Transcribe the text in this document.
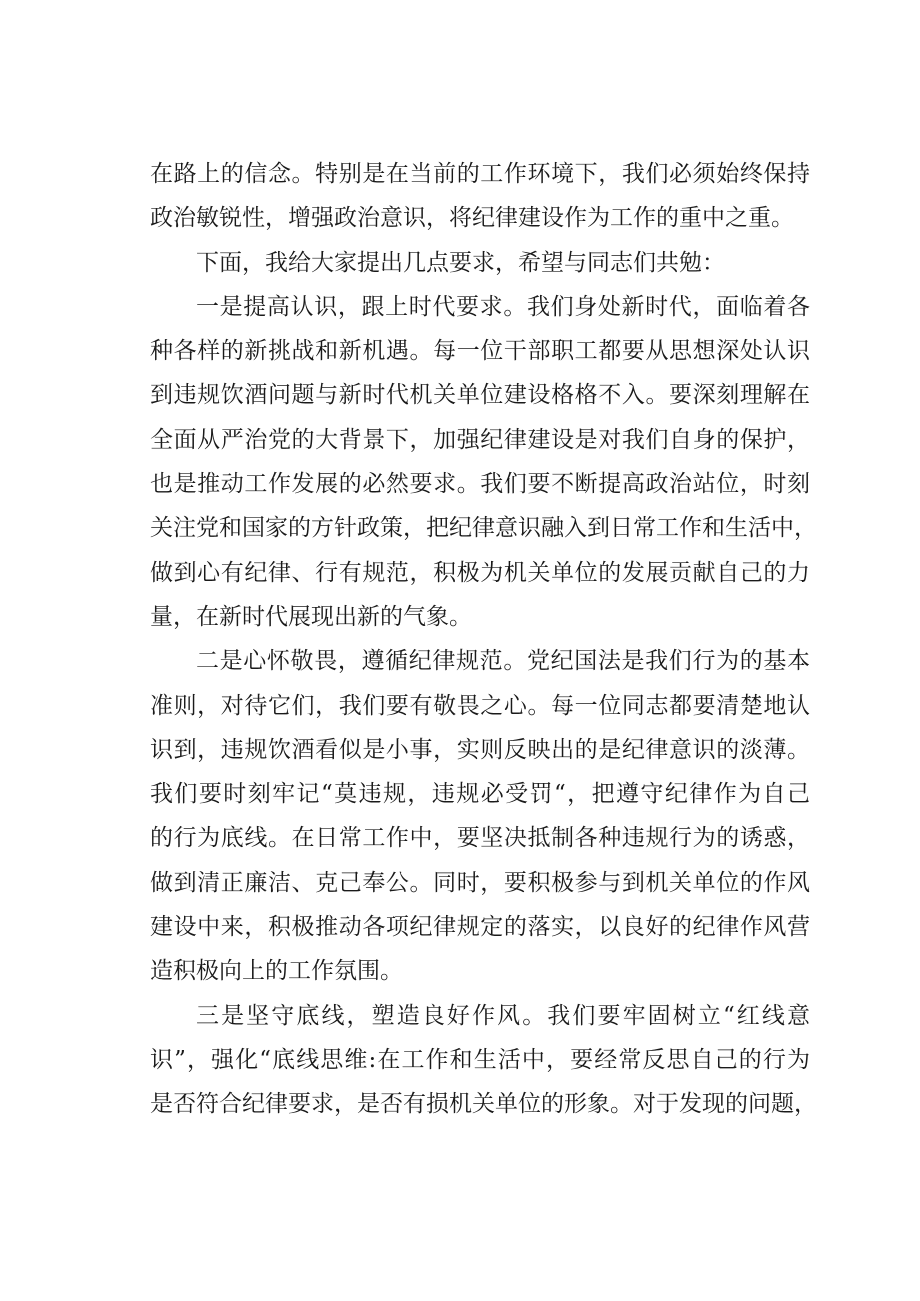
在路上的信念。特别是在当前的工作环境下，我们必须始终保持
政治敏锐性，增强政治意识，将纪律建设作为工作的重中之重。
下面，我给大家提出几点要求，希望与同志们共勉：
一是提高认识，跟上时代要求。我们身处新时代，面临着各
种各样的新挑战和新机遇。每一位干部职工都要从思想深处认识
到违规饮酒问题与新时代机关单位建设格格不入。要深刻理解在
全面从严治党的大背景下，加强纪律建设是对我们自身的保护，
也是推动工作发展的必然要求。我们要不断提高政治站位，时刻
关注党和国家的方针政策，把纪律意识融入到日常工作和生活中，
做到心有纪律、行有规范，积极为机关单位的发展贡献自己的力
量，在新时代展现出新的气象。
二是心怀敬畏，遵循纪律规范。党纪国法是我们行为的基本
准则，对待它们，我们要有敬畏之心。每一位同志都要清楚地认
识到，违规饮酒看似是小事，实则反映出的是纪律意识的淡薄。
我们要时刻牢记“莫违规，违规必受罚“，把遵守纪律作为自己
的行为底线。在日常工作中，要坚决抵制各种违规行为的诱惑，
做到清正廉洁、克己奉公。同时，要积极参与到机关单位的作风
建设中来，积极推动各项纪律规定的落实，以良好的纪律作风营
造积极向上的工作氛围。
三是坚守底线，塑造良好作风。我们要牢固树立“红线意
识”，强化“底线思维:在工作和生活中，要经常反思自己的行为
是否符合纪律要求，是否有损机关单位的形象。对于发现的问题，
